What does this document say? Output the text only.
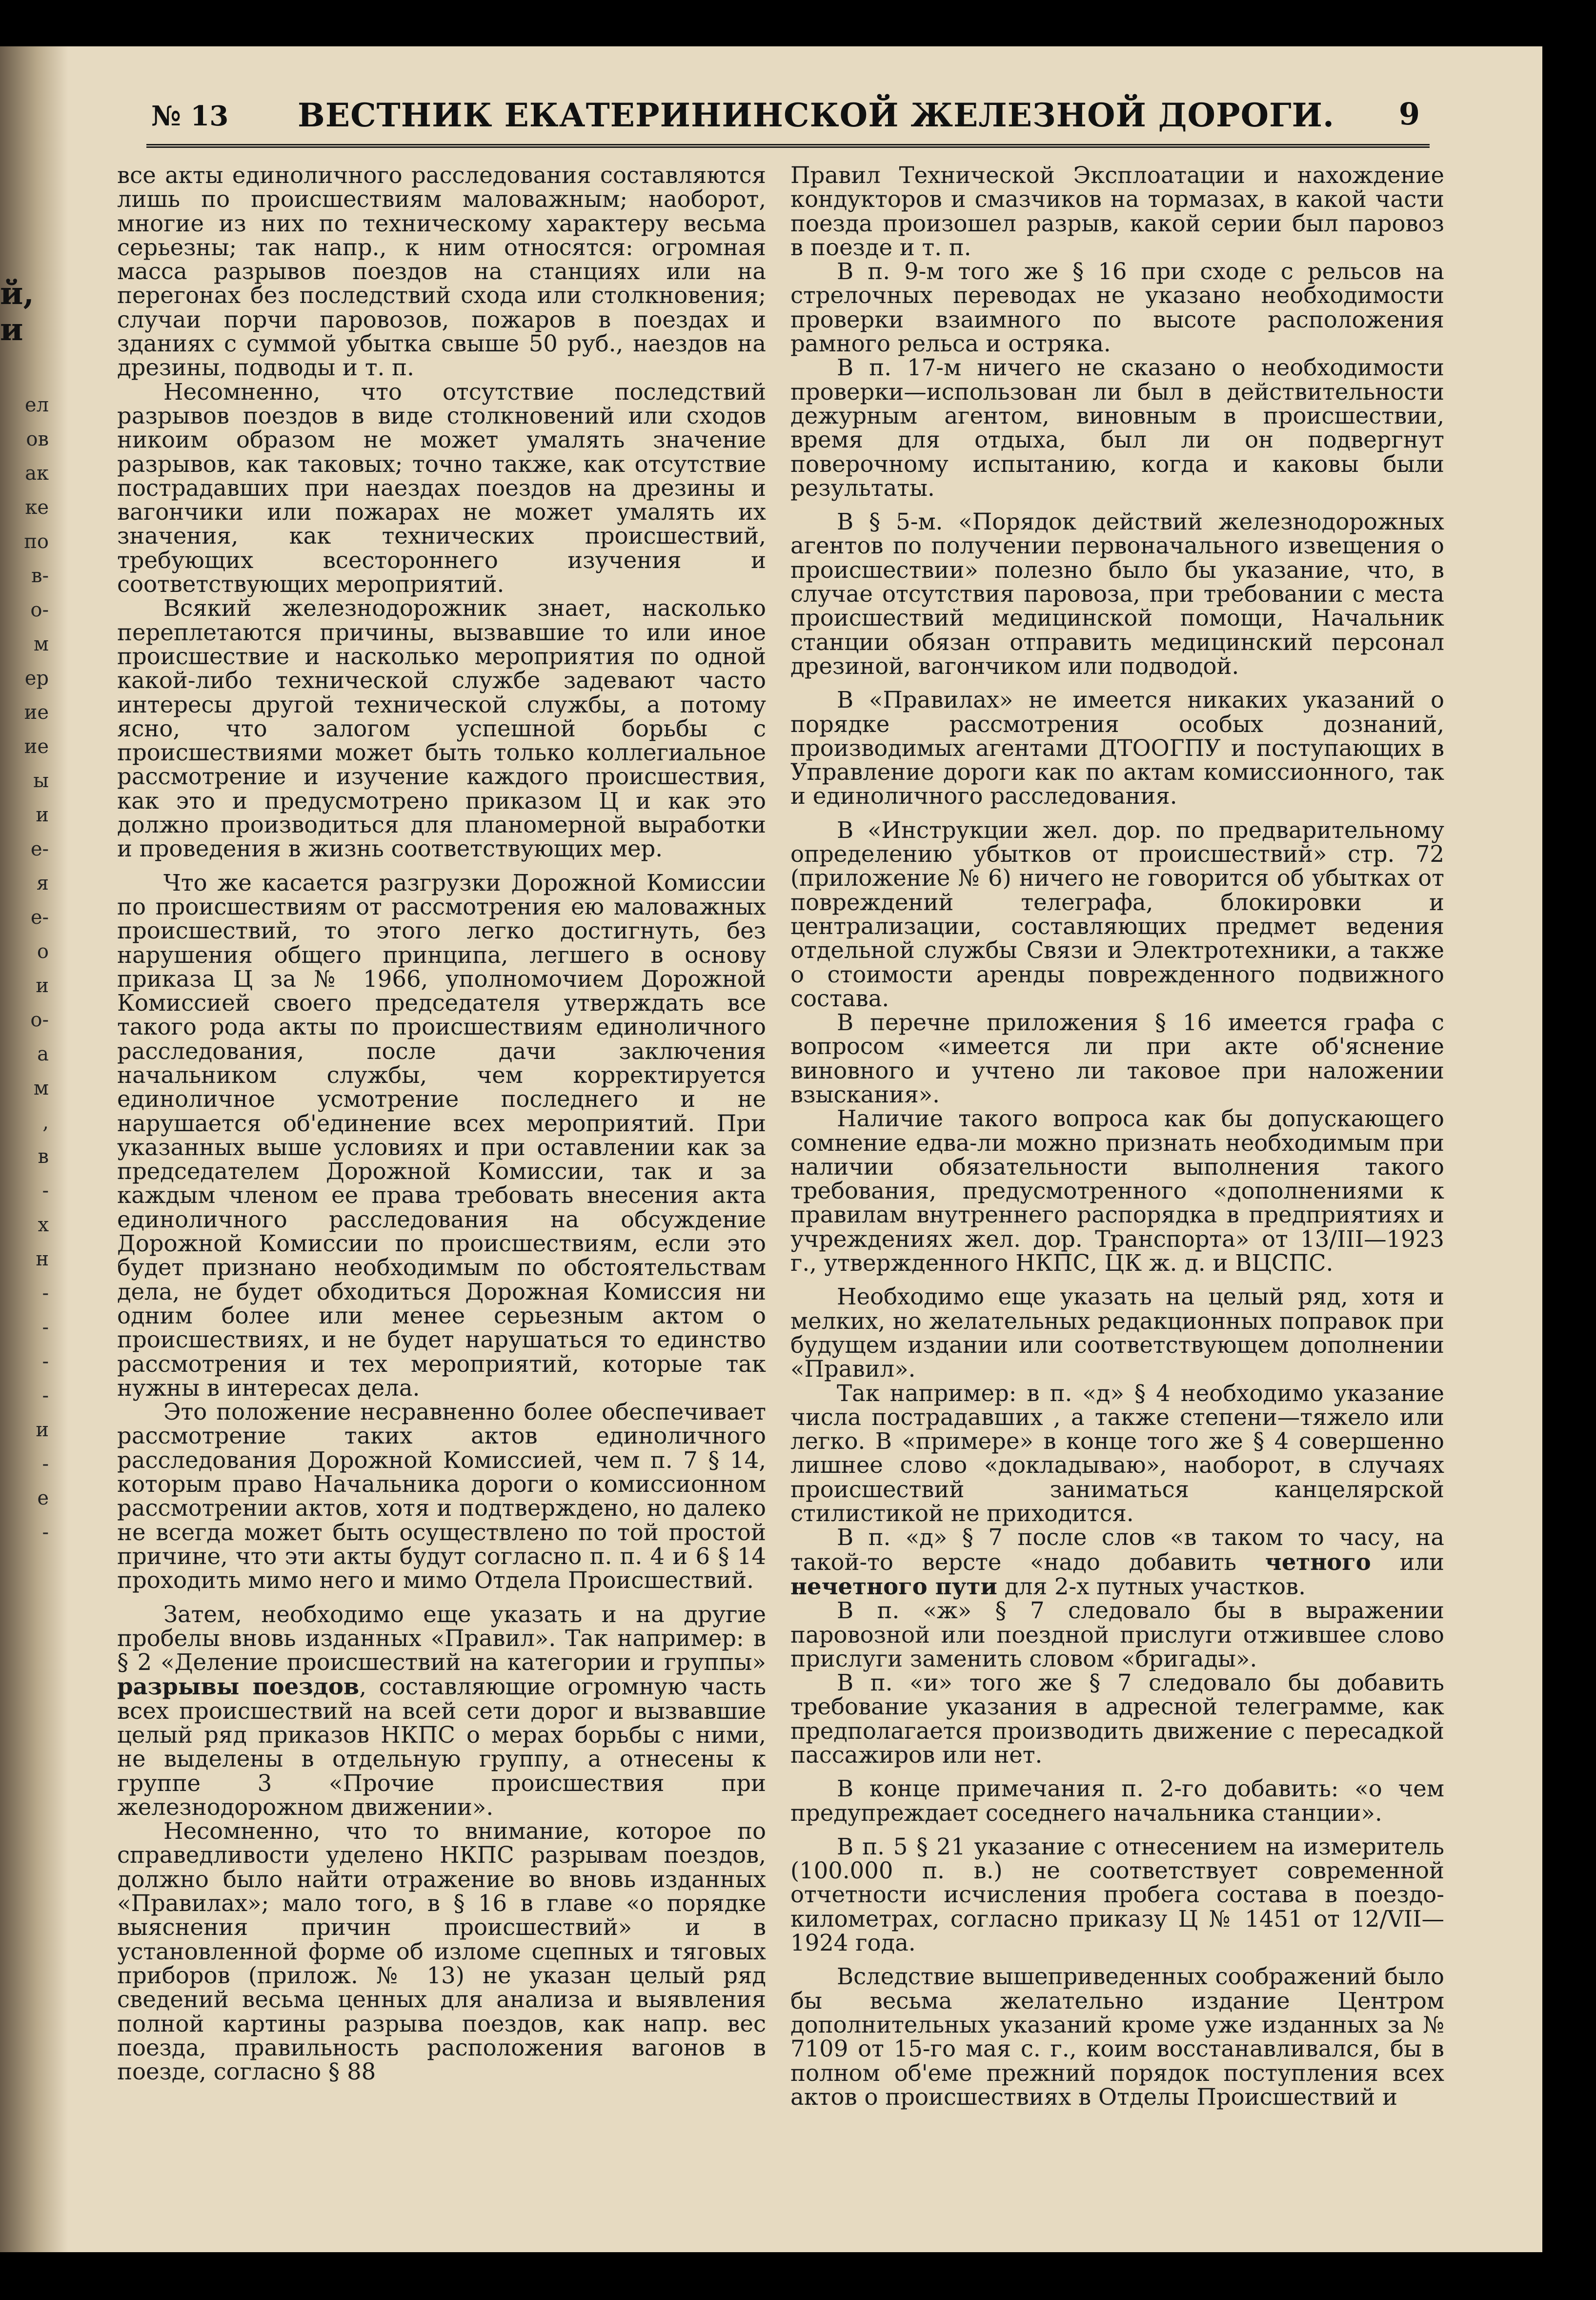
й,
и
ел
ов
ак
ке
по
в-
о-
м
ер
ие
ие
ы
и
е-
я
е-
о
и
о-
а
м
,
в
-
х
н
-
-
-
-
и
-
е
-
№ 13 ВЕСТНИК ЕКАТЕРИНИНСКОЙ ЖЕЛЕЗНОЙ ДОРОГИ. 9

все акты единоличного расследования составляются лишь по происшествиям маловажным; наоборот, многие из них по техническому характеру весьма серьезны; так напр., к ним относятся: огромная масса разрывов поездов на станциях или на перегонах без последствий схода или столкновения; случаи порчи паровозов, пожаров в поездах и зданиях с суммой убытка свыше 50 руб., наездов на дрезины, подводы и т. п.

Несомненно, что отсутствие последствий разрывов поездов в виде столкновений или сходов никоим образом не может умалять значение разрывов, как таковых; точно также, как отсутствие пострадавших при наездах поездов на дрезины и вагончики или пожарах не может умалять их значения, как технических происшествий, требующих всестороннего изучения и соответствующих мероприятий.

Всякий железнодорожник знает, насколько переплетаются причины, вызвавшие то или иное происшествие и насколько мероприятия по одной какой-либо технической службе задевают часто интересы другой технической службы, а потому ясно, что залогом успешной борьбы с происшествиями может быть только коллегиальное рассмотрение и изучение каждого происшествия, как это и предусмотрено приказом Ц и как это должно производиться для планомерной выработки и проведения в жизнь соответствующих мер.

Что же касается разгрузки Дорожной Комиссии по происшествиям от рассмотрения ею маловажных происшествий, то этого легко достигнуть, без нарушения общего принципа, легшего в основу приказа Ц за № 1966, уполномочием Дорожной Комиссией своего председателя утверждать все такого рода акты по происшествиям единоличного расследования, после дачи заключения начальником службы, чем корректируется единоличное усмотрение последнего и не нарушается об'единение всех мероприятий. При указанных выше условиях и при оставлении как за председателем Дорожной Комиссии, так и за каждым членом ее права требовать внесения акта единоличного расследования на обсуждение Дорожной Комиссии по происшествиям, если это будет признано необходимым по обстоятельствам дела, не будет обходиться Дорожная Комиссия ни одним более или менее серьезным актом о происшествиях, и не будет нарушаться то единство рассмотрения и тех мероприятий, которые так нужны в интересах дела.

Это положение несравненно более обеспечивает рассмотрение таких актов единоличного расследования Дорожной Комиссией, чем п. 7 § 14, которым право Начальника дороги о комиссионном рассмотрении актов, хотя и подтверждено, но далеко не всегда может быть осуществлено по той простой причине, что эти акты будут согласно п. п. 4 и 6 § 14 проходить мимо него и мимо Отдела Происшествий.

Затем, необходимо еще указать и на другие пробелы вновь изданных «Правил». Так например: в § 2 «Деление происшествий на категории и группы» разрывы поездов, составляющие огромную часть всех происшествий на всей сети дорог и вызвавшие целый ряд приказов НКПС о мерах борьбы с ними, не выделены в отдельную группу, а отнесены к группе 3 «Прочие происшествия при железнодорожном движении».

Несомненно, что то внимание, которое по справедливости уделено НКПС разрывам поездов, должно было найти отражение во вновь изданных «Правилах»; мало того, в § 16 в главе «о порядке выяснения причин происшествий» и в установленной форме об изломе сцепных и тяговых приборов (прилож. № 13) не указан целый ряд сведений весьма ценных для анализа и выявления полной картины разрыва поездов, как напр. вес поезда, правильность расположения вагонов в поезде, согласно § 88

Правил Технической Эксплоатации и нахождение кондукторов и смазчиков на тормазах, в какой части поезда произошел разрыв, какой серии был паровоз в поезде и т. п.

В п. 9-м того же § 16 при сходе с рельсов на стрелочных переводах не указано необходимости проверки взаимного по высоте расположения рамного рельса и остряка.

В п. 17-м ничего не сказано о необходимости проверки—использован ли был в действительности дежурным агентом, виновным в происшествии, время для отдыха, был ли он подвергнут поверочному испытанию, когда и каковы были результаты.

В § 5-м. «Порядок действий железнодорожных агентов по получении первоначального извещения о происшествии» полезно было бы указание, что, в случае отсутствия паровоза, при требовании с места происшествий медицинской помощи, Начальник станции обязан отправить медицинский персонал дрезиной, вагончиком или подводой.

В «Правилах» не имеется никаких указаний о порядке рассмотрения особых дознаний, производимых агентами ДТООГПУ и поступающих в Управление дороги как по актам комиссионного, так и единоличного расследования.

В «Инструкции жел. дор. по предварительному определению убытков от происшествий» стр. 72 (приложение № 6) ничего не говорится об убытках от повреждений телеграфа, блокировки и централизации, составляющих предмет ведения отдельной службы Связи и Электротехники, а также о стоимости аренды поврежденного подвижного состава.

В перечне приложения § 16 имеется графа с вопросом «имеется ли при акте об'яснение виновного и учтено ли таковое при наложении взыскания».

Наличие такого вопроса как бы допускающего сомнение едва-ли можно признать необходимым при наличии обязательности выполнения такого требования, предусмотренного «дополнениями к правилам внутреннего распорядка в предприятиях и учреждениях жел. дор. Транспорта» от 13/III—1923 г., утвержденного НКПС, ЦК ж. д. и ВЦСПС.

Необходимо еще указать на целый ряд, хотя и мелких, но желательных редакционных поправок при будущем издании или соответствующем дополнении «Правил».

Так например: в п. «д» § 4 необходимо указание числа пострадавших , а также степени—тяжело или легко. В «примере» в конце того же § 4 совершенно лишнее слово «докладываю», наоборот, в случаях происшествий заниматься канцелярской стилистикой не приходится.

В п. «д» § 7 после слов «в таком то часу, на такой-то версте «надо добавить четного или нечетного пути для 2-х путных участков.

В п. «ж» § 7 следовало бы в выражении паровозной или поездной прислуги отжившее слово прислуги заменить словом «бригады».

В п. «и» того же § 7 следовало бы добавить требование указания в адресной телеграмме, как предполагается производить движение с пересадкой пассажиров или нет.

В конце примечания п. 2-го добавить: «о чем предупреждает соседнего начальника станции».

В п. 5 § 21 указание с отнесением на измеритель (100.000 п. в.) не соответствует современной отчетности исчисления пробега состава в поездо-километрах, согласно приказу Ц № 1451 от 12/VII—1924 года.

Вследствие вышеприведенных соображений было бы весьма желательно издание Центром дополнительных указаний кроме уже изданных за № 7109 от 15-го мая с. г., коим восстанавливался, бы в полном об'еме прежний порядок поступления всех актов о происшествиях в Отделы Происшествий и
